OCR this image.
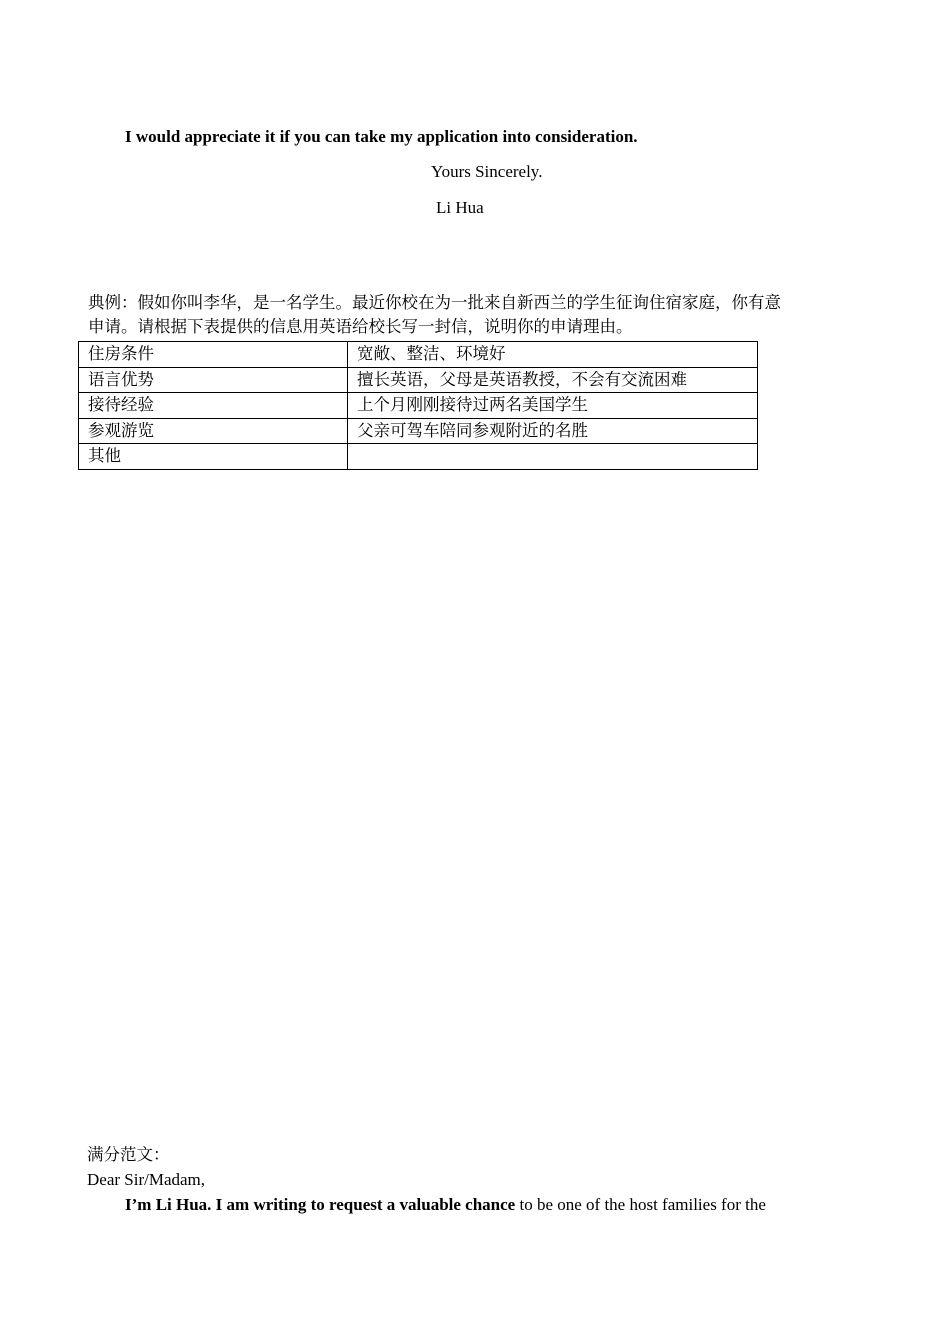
I would appreciate it if you can take my application into consideration.
Yours Sincerely.
Li Hua
典例：假如你叫李华，是一名学生。最近你校在为一批来自新西兰的学生征询住宿家庭，你有意
申请。请根据下表提供的信息用英语给校长写一封信，说明你的申请理由。
住房条件	宽敞、整洁、环境好
语言优势	擅长英语，父母是英语教授，不会有交流困难
接待经验	上个月刚刚接待过两名美国学生
参观游览	父亲可驾车陪同参观附近的名胜
其他	
满分范文：
Dear Sir/Madam,
I’m Li Hua. I am writing to request a valuable chance to be one of the host families for the
